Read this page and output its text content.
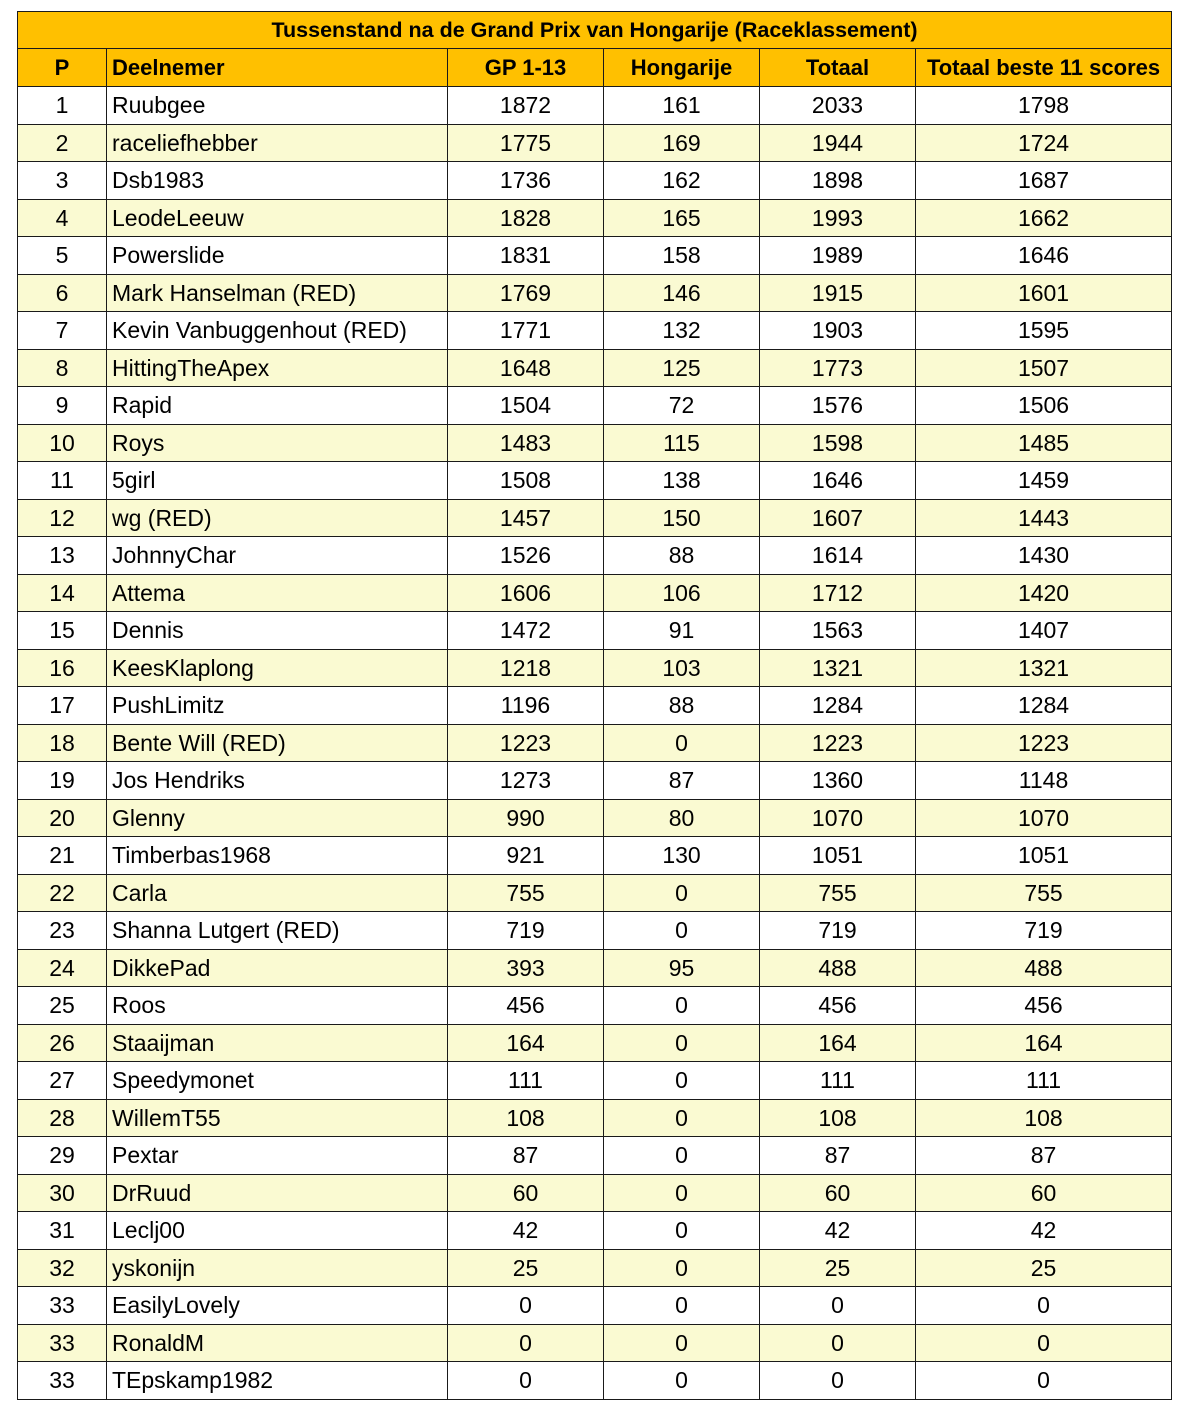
Tussenstand na de Grand Prix van Hongarije (Raceklassement)					
P	Deelnemer	GP 1-13	Hongarije	Totaal	Totaal beste 11 scores
1	Ruubgee	1872	161	2033	1798
2	raceliefhebber	1775	169	1944	1724
3	Dsb1983	1736	162	1898	1687
4	LeodeLeeuw	1828	165	1993	1662
5	Powerslide	1831	158	1989	1646
6	Mark Hanselman (RED)	1769	146	1915	1601
7	Kevin Vanbuggenhout (RED)	1771	132	1903	1595
8	HittingTheApex	1648	125	1773	1507
9	Rapid	1504	72	1576	1506
10	Roys	1483	115	1598	1485
11	5girl	1508	138	1646	1459
12	wg (RED)	1457	150	1607	1443
13	JohnnyChar	1526	88	1614	1430
14	Attema	1606	106	1712	1420
15	Dennis	1472	91	1563	1407
16	KeesKlaplong	1218	103	1321	1321
17	PushLimitz	1196	88	1284	1284
18	Bente Will (RED)	1223	0	1223	1223
19	Jos Hendriks	1273	87	1360	1148
20	Glenny	990	80	1070	1070
21	Timberbas1968	921	130	1051	1051
22	Carla	755	0	755	755
23	Shanna Lutgert (RED)	719	0	719	719
24	DikkePad	393	95	488	488
25	Roos	456	0	456	456
26	Staaijman	164	0	164	164
27	Speedymonet	111	0	111	111
28	WillemT55	108	0	108	108
29	Pextar	87	0	87	87
30	DrRuud	60	0	60	60
31	Leclj00	42	0	42	42
32	yskonijn	25	0	25	25
33	EasilyLovely	0	0	0	0
33	RonaldM	0	0	0	0
33	TEpskamp1982	0	0	0	0
